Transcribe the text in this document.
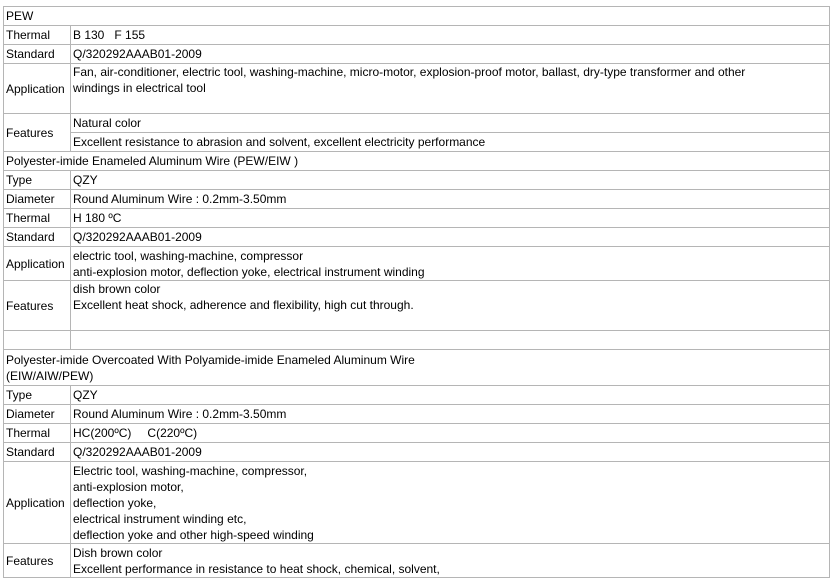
PEW	
Thermal	B 130 F 155
Standard	Q/320292AAAB01-2009
Application	Fan, air-conditioner, electric tool, washing-machine, micro-motor, explosion-proof motor, ballast, dry-type transformer and other
windings in electrical tool

Features	Natural color
Excellent resistance to abrasion and solvent, excellent electricity performance

Polyester-imide Enameled Aluminum Wire (PEW/EIW )	
Type	QZY
Diameter	Round Aluminum Wire : 0.2mm-3.50mm
Thermal	H 180 ºC
Standard	Q/320292AAAB01-2009
Application	electric tool, washing-machine, compressor
anti-explosion motor, deflection yoke, electrical instrument winding

Features	dish brown color
Excellent heat shock, adherence and flexibility, high cut through.

Polyester-imide Overcoated With Polyamide-imide Enameled Aluminum Wire
(EIW/AIW/PEW)	

Type	QZY
Diameter	Round Aluminum Wire : 0.2mm-3.50mm
Thermal	HC(200ºC) C(220ºC)
Standard	Q/320292AAAB01-2009
Application	Electric tool, washing-machine, compressor,
anti-explosion motor,
deflection yoke,
electrical instrument winding etc,
deflection yoke and other high-speed winding

Features	Dish brown color
Excellent performance in resistance to heat shock, chemical, solvent,
